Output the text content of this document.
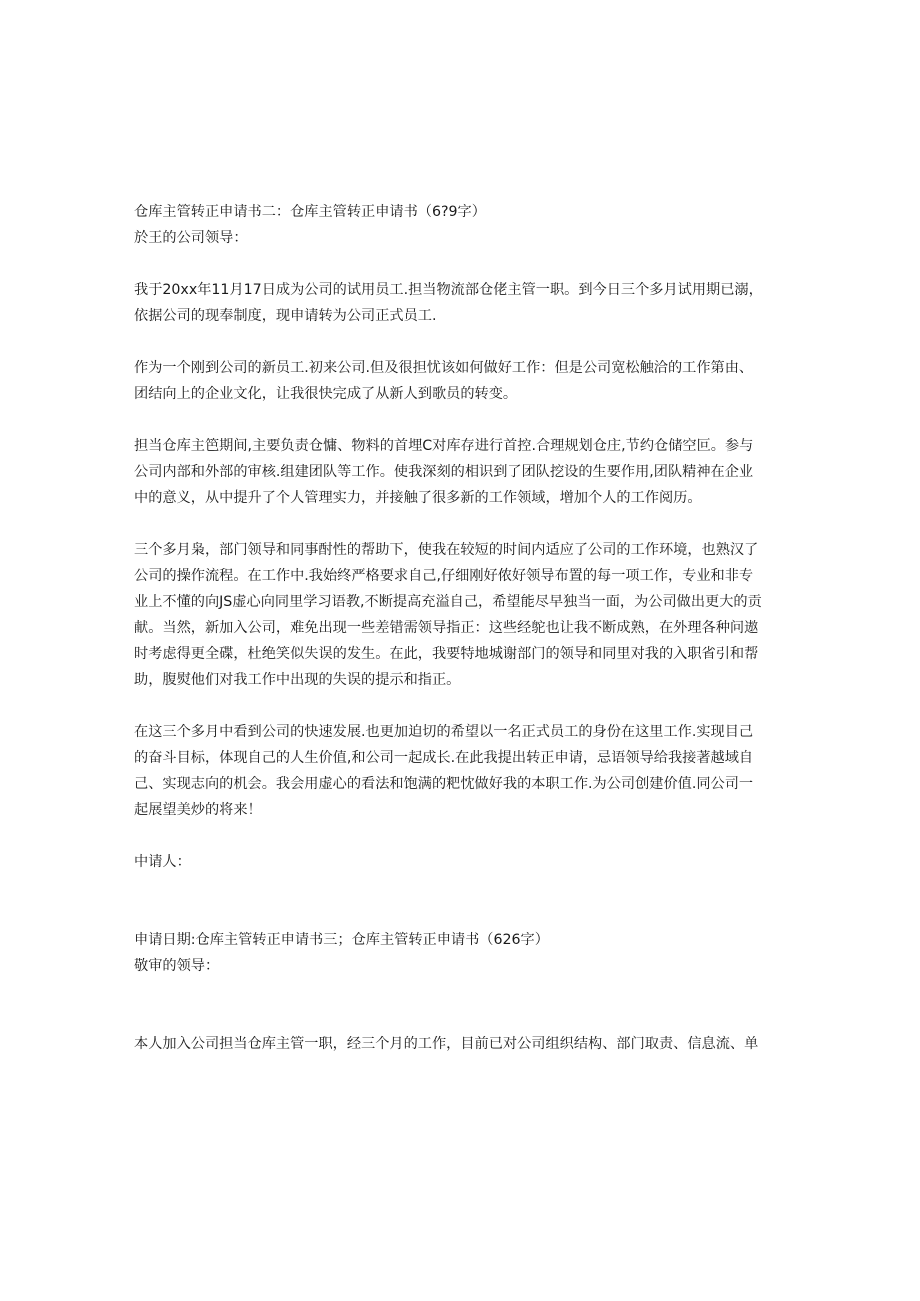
仓库主管转正申请书二：仓库主管转正申请书（6?9字）

於王的公司领导：

我于20xx年11月17日成为公司的试用员工.担当物流部仓佬主管一职。到今日三个多月试用期已溺，
依据公司的现奉制度，现申请转为公司正式员工.
作为一个刚到公司的新员工.初来公司.但及很担忧该如何做好工作：但是公司宽松触洽的工作第由、
团结向上的企业文化，让我很快完成了从新人到歌员的转变。
担当仓库主笆期间,主要负责仓慵、物料的首埋C对库存进行首控.合理规划仓庄,节约仓储空叵。参与
公司内部和外部的审核.组建团队等工作。使我深刻的相识到了团队挖设的生要作用,团队精神在企业
中的意义，从中提升了个人管理实力，并接触了很多新的工作领域，增加个人的工作阅历。
三个多月枭，部门领导和同事酎性的帮助下，使我在较短的时间内适应了公司的工作环境，也熟汉了
公司的操作流程。在工作中.我始终严格要求自己,仔细刚好侬好领导布置的每一项工作，专业和非专
业上不懂的向JS虚心向同里学习语教,不断提高充溢自己，希望能尽早独当一面，为公司做出更大的贡
献。当然，新加入公司，难免出现一些差错需领导指正：这些经鸵也让我不断成熟，在外理各种问遨
时考虑得更全碟，杜绝笑似失误的发生。在此，我要特地城谢部门的领导和同里对我的入职省引和帮
助，腹熨他们对我工作中出现的失误的提示和指正。
在这三个多月中看到公司的快速发展.也更加迫切的希望以一名正式员工的身份在这里工作.实现目己
的奋斗目标，体现自己的人生价值,和公司一起成长.在此我提出转正申请，忌语领导给我接著越域自
己、实现志向的机会。我会用虚心的看法和饱满的粑忱做好我的本职工作.为公司创建价值.同公司一
起展望美炒的将来！

中请人：

申请日期:仓库主管转正申请书三；仓库主管转正申请书（626字）

敬审的领导：

本人加入公司担当仓库主管一职，经三个月的工作，目前已对公司组织结构、部门取责、信息流、单
